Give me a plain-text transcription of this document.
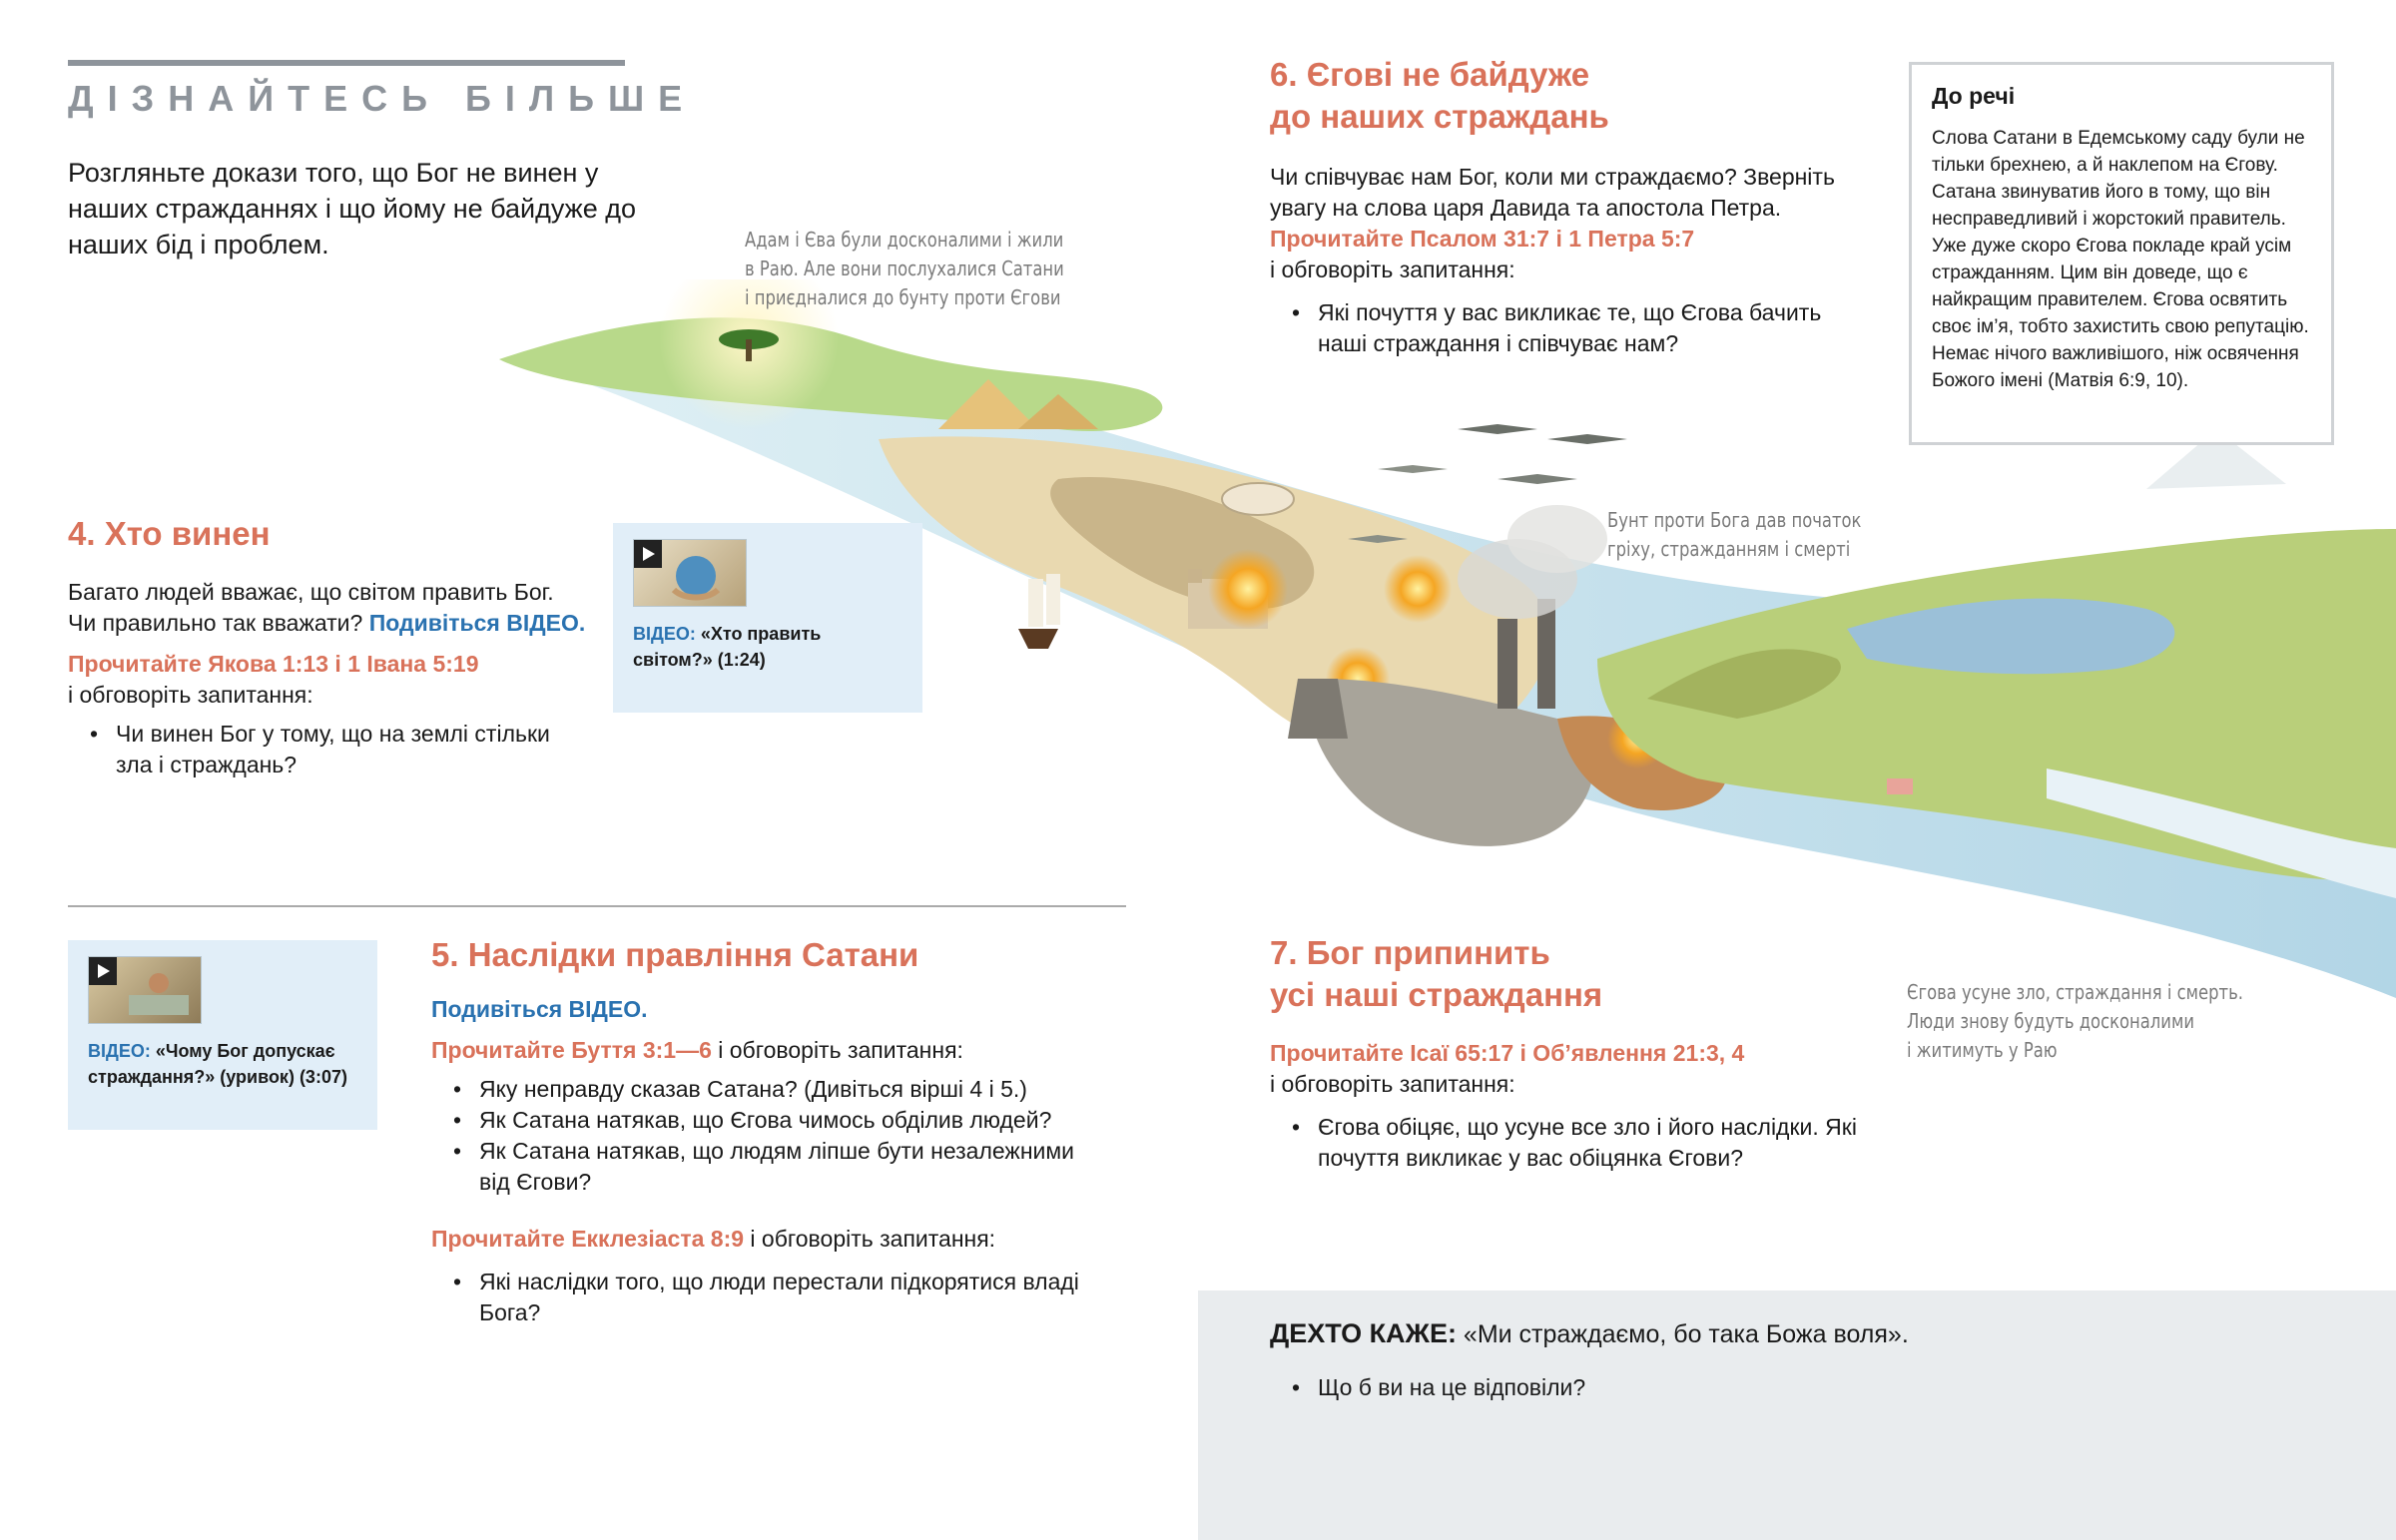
ДІЗНАЙТЕСЬ БІЛЬШЕ
Розгляньте докази того, що Бог не винен у наших стражданнях і що йому не байдуже до наших бід і проблем.	Адам і Єва були досконалими і жили
в Раю. Але вони послухалися Сатани
і приєдналися до бунту проти Єгови
Бунт проти Бога дав початок
гріху, стражданням і смерті
Єгова усуне зло, страждання і смерть.
Люди знову будуть досконалими
і житимуть у Раю
4. Хто винен

Багато людей вважає, що світом править Бог. Чи правильно так вважати? Подивіться ВІДЕО.

Прочитайте Якова 1:13 і 1 Івана 5:19

і обговоріть запитання:

• Чи винен Бог у тому, що на землі стільки зла і страждань?
ВІДЕО: «Хто править світом?» (1:24)
ВІДЕО: «Чому Бог допускає страждання?» (уривок) (3:07)
5. Наслідки правління Сатани

Подивіться ВІДЕО.

Прочитайте Буття 3:1—6 і обговоріть запитання:

• Яку неправду сказав Сатана? (Дивіться вірші 4 і 5.)
• Як Сатана натякав, що Єгова чимось обділив людей?
• Як Сатана натякав, що людям ліпше бути незалежними від Єгови?

Прочитайте Екклезіаста 8:9 і обговоріть запитання:

• Які наслідки того, що люди перестали підкорятися владі Бога?
6. Єгові не байдуже
до наших страждань

Чи співчуває нам Бог, коли ми страждаємо? Зверніть увагу на слова царя Давида та апостола Петра. Прочитайте Псалом 31:7 і 1 Петра 5:7

і обговоріть запитання:

• Які почуття у вас викликає те, що Єгова бачить наші страждання і співчуває нам?
До речі
Слова Сатани в Едемському саду були не тільки брехнею, а й наклепом на Єгову. Сатана звинуватив його в тому, що він несправедливий і жорстокий правитель. Уже дуже скоро Єгова покладе край усім стражданням. Цим він доведе, що є найкращим правителем. Єгова освятить своє ім’я, тобто захистить свою репутацію. Немає нічого важливішого, ніж освячення Божого імені (Матвія 6:9, 10).
7. Бог припинить
усі наші страждання

Прочитайте Ісаї 65:17 і Об’явлення 21:3, 4

і обговоріть запитання:

• Єгова обіцяє, що усуне все зло і його наслідки. Які почуття викликає у вас обіцянка Єгови?

ДЕХТО КАЖЕ: «Ми страждаємо, бо така Божа воля».

• Що б ви на це відповіли?
